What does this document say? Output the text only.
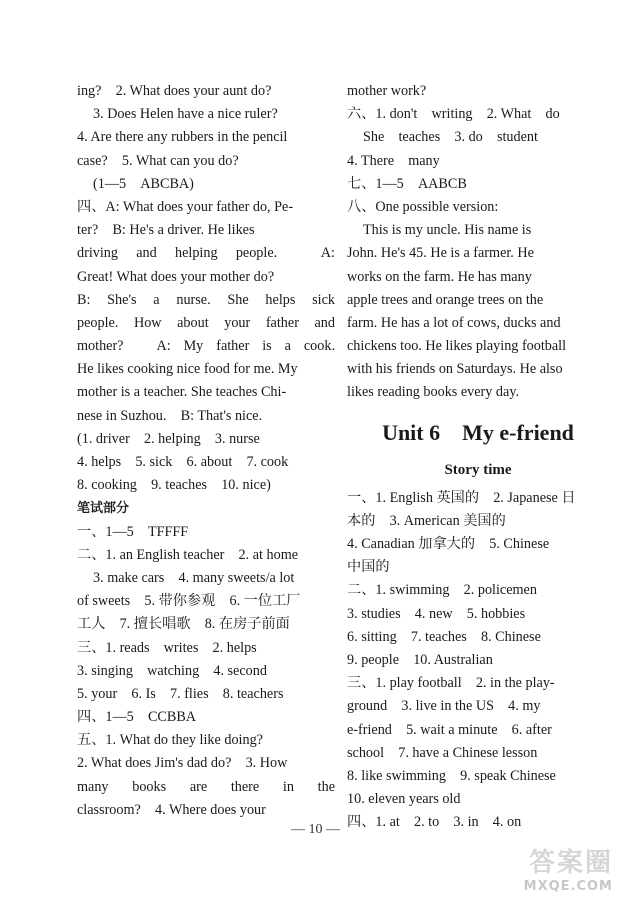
ing?　2. What does your aunt do?
3. Does Helen have a nice ruler?
4. Are there any rubbers in the pencil
case?　5. What can you do?
(1—5　ABCBA)
四、A: What does your father do, Pe-
ter?　B: He's a driver. He likes
driving and helping people.　A:
Great! What does your mother do?
B: She's a nurse. She helps sick
people. How about your father and
mother?　A: My father is a cook.
He likes cooking nice food for me. My
mother is a teacher. She teaches Chi-
nese in Suzhou.　B: That's nice.
(1. driver　2. helping　3. nurse
4. helps　5. sick　6. about　7. cook
8. cooking　9. teaches　10. nice)
笔试部分
一、1—5　TFFFF
二、1. an English teacher　2. at home
3. make cars　4. many sweets/a lot
of sweets　5. 带你参观　6. 一位工厂
工人　7. 擅长唱歌　8. 在房子前面
三、1. reads　writes　2. helps
3. singing　watching　4. second
5. your　6. Is　7. flies　8. teachers
四、1—5　CCBBA
五、1. What do they like doing?
2. What does Jim's dad do?　3. How
many books are there in the
classroom?　4. Where does your
mother work?
六、1. don't　writing　2. What　do
She　teaches　3. do　student
4. There　many
七、1—5　AABCB
八、One possible version:
This is my uncle. His name is
John. He's 45. He is a farmer. He
works on the farm. He has many
apple trees and orange trees on the
farm. He has a lot of cows, ducks and
chickens too. He likes playing football
with his friends on Saturdays. He also
likes reading books every day.
Unit 6　My e-friend
Story time
一、1. English 英国的　2. Japanese 日
本的　3. American 美国的
4. Canadian 加拿大的　5. Chinese
中国的
二、1. swimming　2. policemen
3. studies　4. new　5. hobbies
6. sitting　7. teaches　8. Chinese
9. people　10. Australian
三、1. play football　2. in the play-
ground　3. live in the US　4. my
e-friend　5. wait a minute　6. after
school　7. have a Chinese lesson
8. like swimming　9. speak Chinese
10. eleven years old
四、1. at　2. to　3. in　4. on
— 10 —
答案圈
MXQE.COM
